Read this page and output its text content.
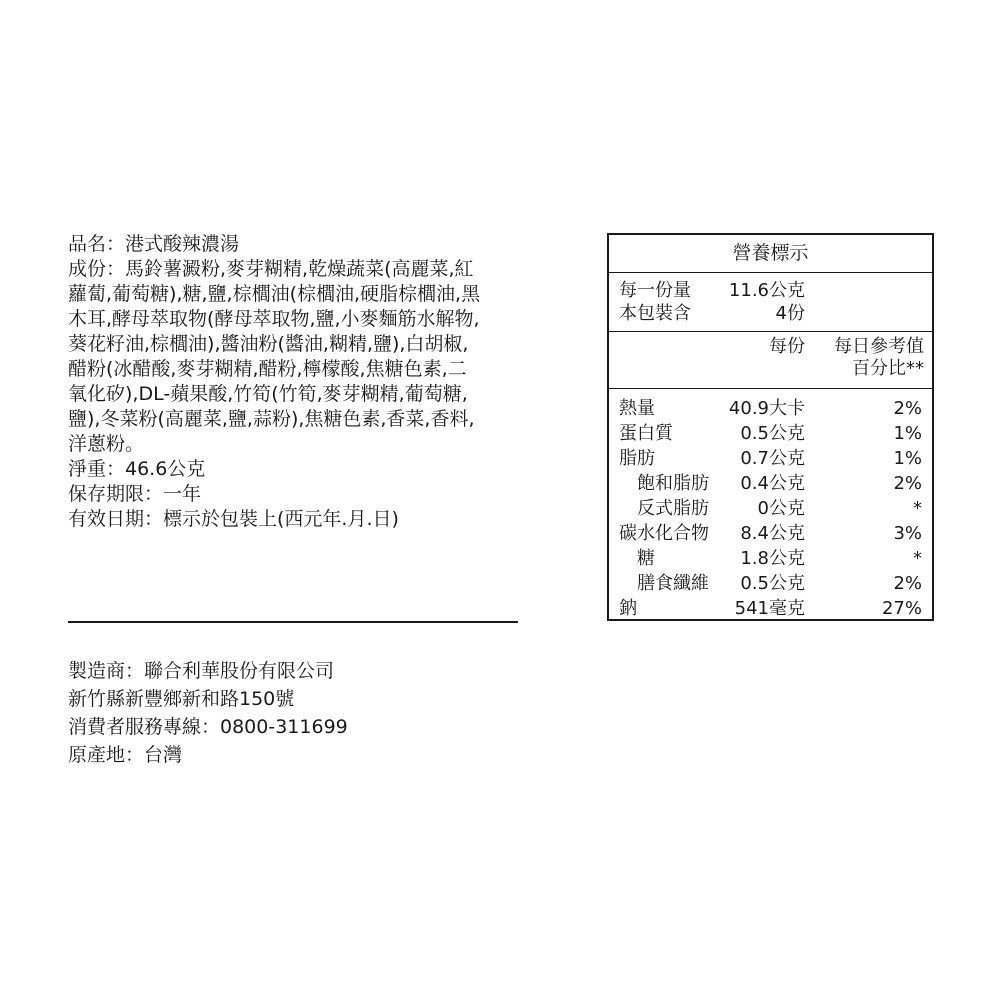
品名：港式酸辣濃湯
成份：馬鈴薯澱粉,麥芽糊精,乾燥蔬菜(高麗菜,紅
蘿蔔,葡萄糖),糖,鹽,棕櫚油(棕櫚油,硬脂棕櫚油,黑
木耳,酵母萃取物(酵母萃取物,鹽,小麥麵筋水解物,
葵花籽油,棕櫚油),醬油粉(醬油,糊精,鹽),白胡椒,
醋粉(冰醋酸,麥芽糊精,醋粉,檸檬酸,焦糖色素,二
氧化矽),DL-蘋果酸,竹筍(竹筍,麥芽糊精,葡萄糖,
鹽),冬菜粉(高麗菜,鹽,蒜粉),焦糖色素,香菜,香料,
洋蔥粉。
淨重：46.6公克
保存期限：一年
有效日期：標示於包裝上(西元年.月.日)
製造商：聯合利華股份有限公司
新竹縣新豐鄉新和路150號
消費者服務專線：0800-311699
原產地：台灣
營養標示
每一份量 11.6公克
本包裝含	4份
每份 每日參考值
百分比**
熱量	40.9大卡	2%
蛋白質	0.5公克	1%
脂肪	0.7公克	1%
飽和脂肪 0.4公克	2%
反式脂肪	0公克	*
碳水化合物 8.4公克	3%
糖	1.8公克	*
膳食纖維 0.5公克	2%
鈉	541毫克	27%
